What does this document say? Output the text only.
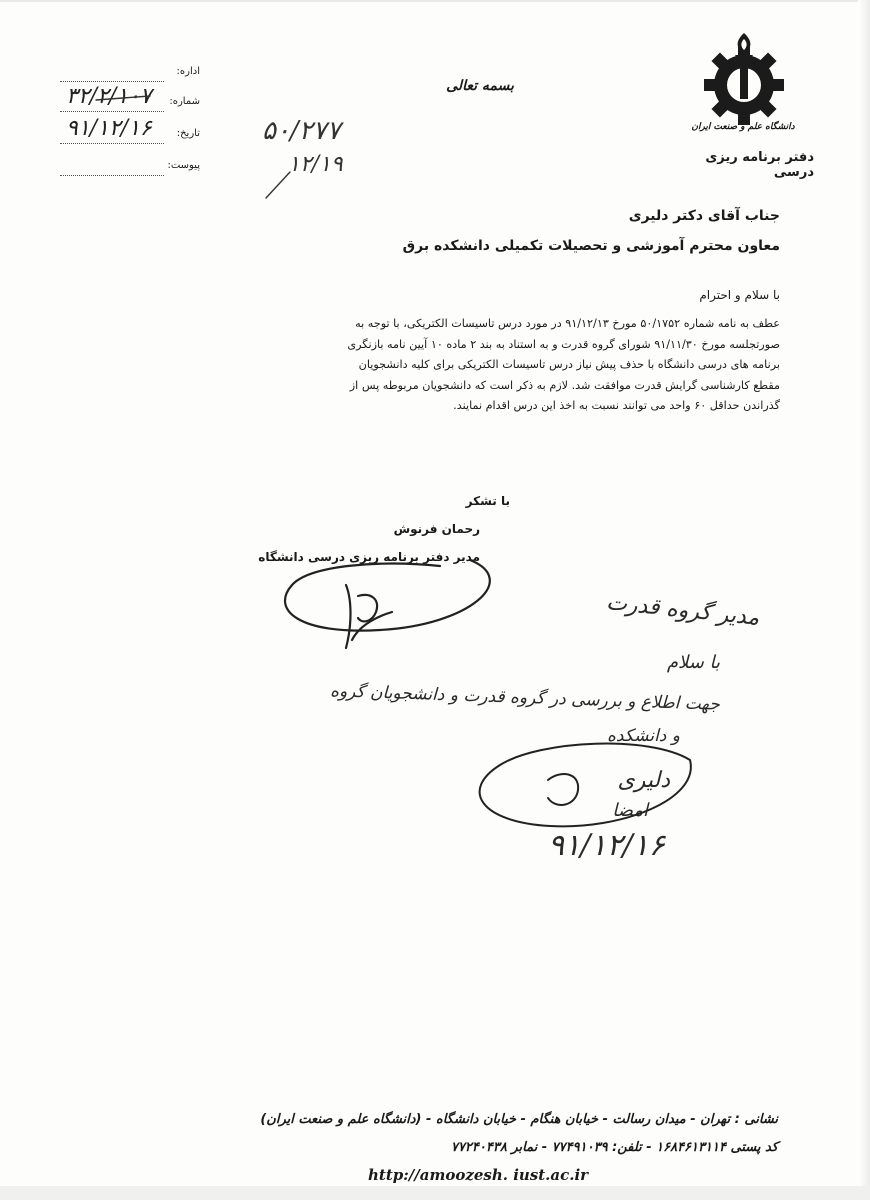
اداره:
شماره:
۳۲/۲/۱۰۷
تاریخ:
۹۱/۱۲/۱۶
پیوست:
۵۰/۲۷۷
۱۲/۱۹
بسمه تعالی
دانشگاه علم و صنعت ایران
دفتر برنامه ریزی درسی
جناب آقای دکتر دلیری
معاون محترم آموزشی و تحصیلات تکمیلی دانشکده برق
با سلام و احترام
عطف به نامه شماره ۵۰/۱۷۵۲ مورخ ۹۱/۱۲/۱۳ در مورد درس تاسیسات الکتریکی، با توجه به
صورتجلسه مورخ ۹۱/۱۱/۳۰ شورای گروه قدرت و به استناد به بند ۲ ماده ۱۰ آیین نامه بازنگری
برنامه های درسی دانشگاه با حذف پیش نیاز درس تاسیسات الکتریکی برای کلیه دانشجویان
مقطع کارشناسی گرایش قدرت موافقت شد. لازم به ذکر است که دانشجویان مربوطه پس از
گذراندن حداقل ۶۰ واحد می توانند نسبت به اخذ این درس اقدام نمایند.
با تشکر
رحمان فرنوش
مدیر دفتر برنامه ریزی درسی دانشگاه
مدیر گروه قدرت
با سلام
جهت اطلاع و بررسی در گروه قدرت و دانشجویان گروه
و دانشکده
دلیری
امضا
۹۱/۱۲/۱۶
نشانی : تهران - میدان رسالت - خیابان هنگام - خیابان دانشگاه - (دانشگاه علم و صنعت ایران)
کد پستی ۱۶۸۴۶۱۳۱۱۴ - تلفن: ۷۷۴۹۱۰۳۹ - نمابر ۷۷۲۴۰۴۳۸
http://amoozesh. iust.ac.ir
